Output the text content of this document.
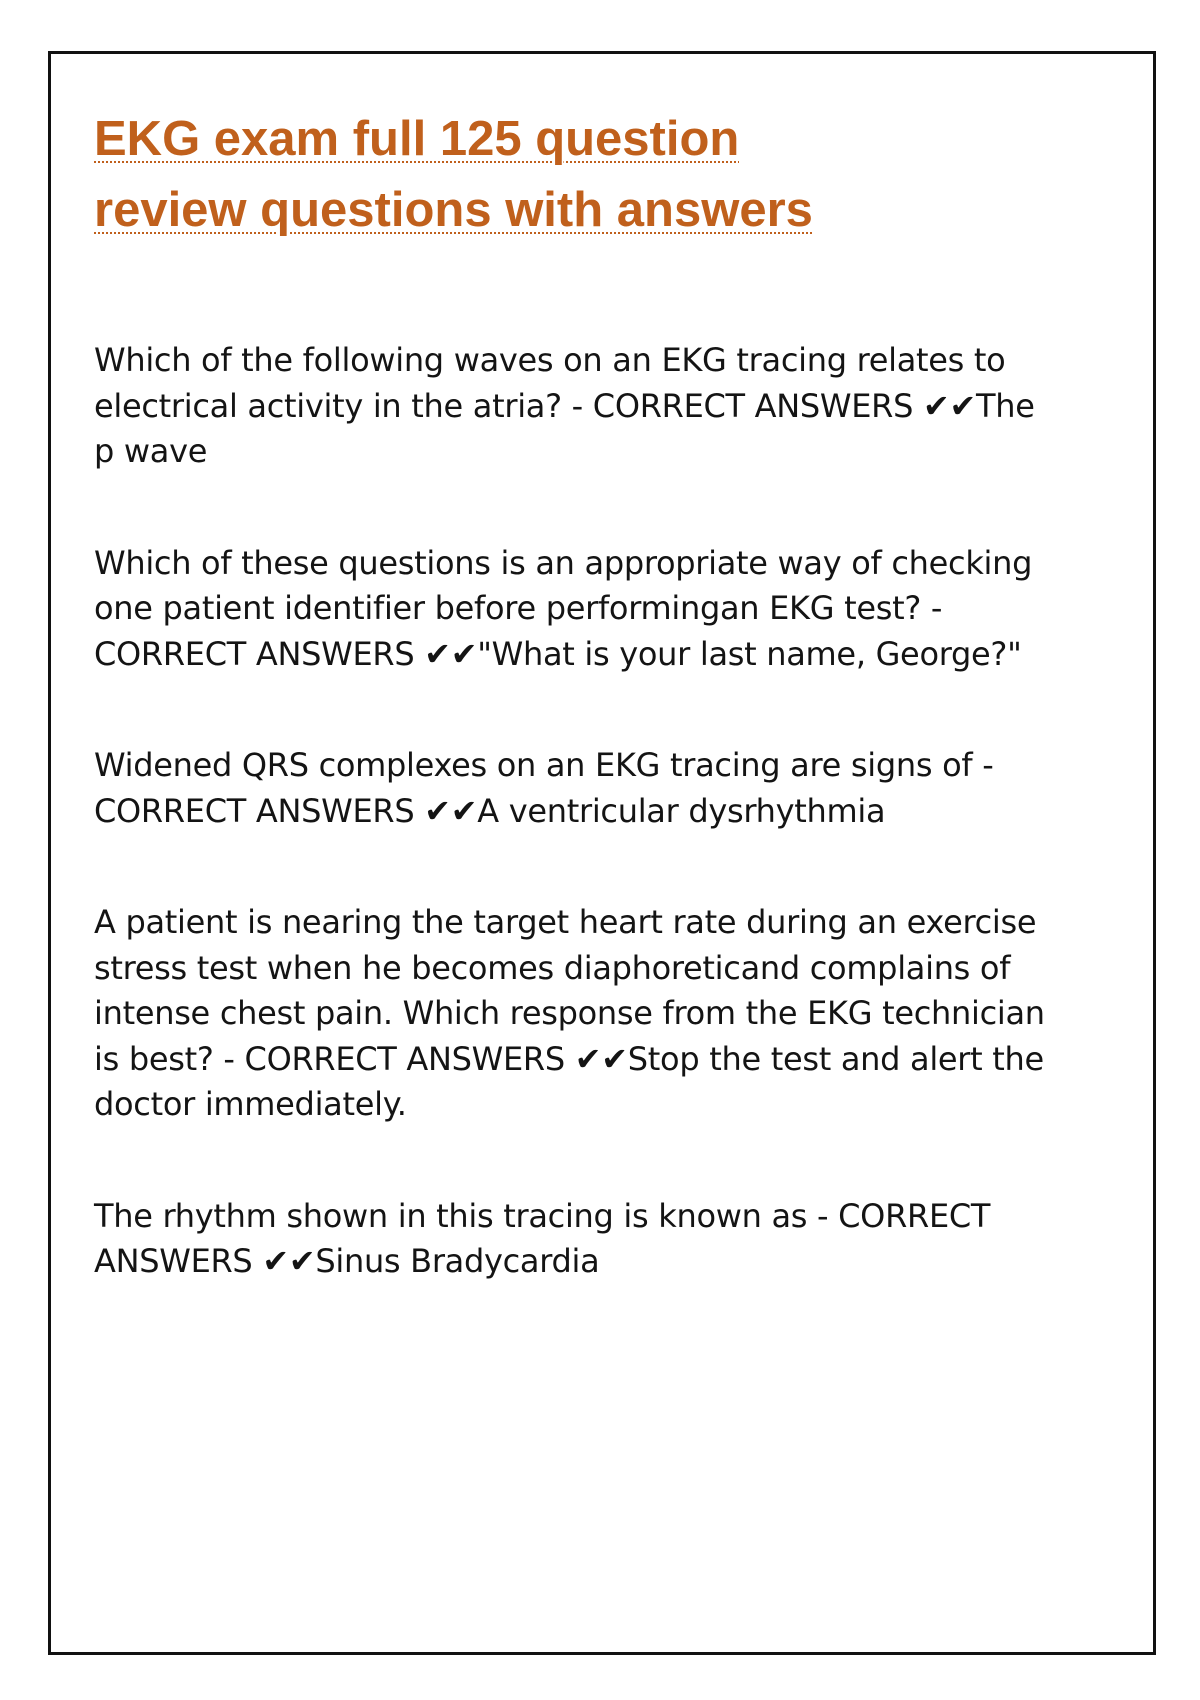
EKG exam full 125 question review questions with answers

Which of the following waves on an EKG tracing relates to electrical activity in the atria? - CORRECT ANSWERS ✔✔The p wave

Which of these questions is an appropriate way of checking one patient identifier before performingan EKG test? - CORRECT ANSWERS ✔✔"What is your last name, George?"

Widened QRS complexes on an EKG tracing are signs of - CORRECT ANSWERS ✔✔A ventricular dysrhythmia

A patient is nearing the target heart rate during an exercise stress test when he becomes diaphoreticand complains of intense chest pain. Which response from the EKG technician is best? - CORRECT ANSWERS ✔✔Stop the test and alert the doctor immediately.

The rhythm shown in this tracing is known as - CORRECT ANSWERS ✔✔Sinus Bradycardia
